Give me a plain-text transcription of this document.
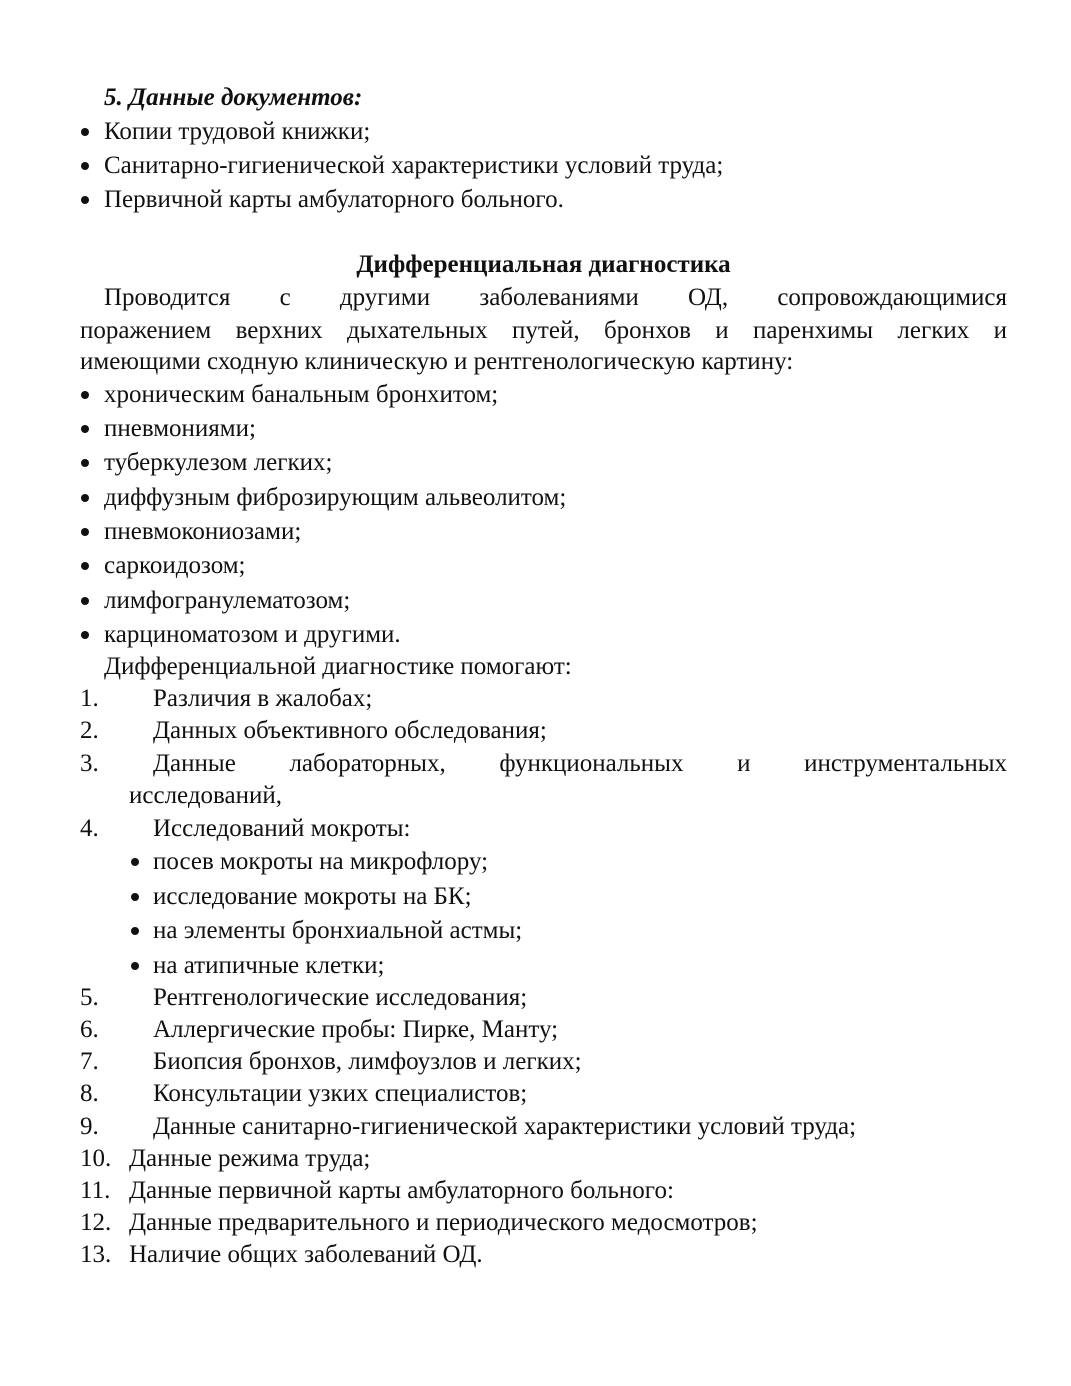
5. Данные документов:
Копии трудовой книжки;
Санитарно-гигиенической характеристики условий труда;
Первичной карты амбулаторного больного.
Дифференциальная диагностика
Проводится с другими заболеваниями ОД, сопровождающимися
поражением верхних дыхательных путей, бронхов и паренхимы легких и
имеющими сходную клиническую и рентгенологическую картину:
хроническим банальным бронхитом;
пневмониями;
туберкулезом легких;
диффузным фиброзирующим альвеолитом;
пневмокониозами;
саркоидозом;
лимфогранулематозом;
карциноматозом и другими.
Дифференциальной диагностике помогают:
1. Различия в жалобах;
2. Данных объективного обследования;
3. Данные лабораторных, функциональных и инструментальных
исследований,
4. Исследований мокроты:
посев мокроты на микрофлору;
исследование мокроты на БК;
на элементы бронхиальной астмы;
на атипичные клетки;
5. Рентгенологические исследования;
6. Аллергические пробы: Пирке, Манту;
7. Биопсия бронхов, лимфоузлов и легких;
8. Консультации узких специалистов;
9. Данные санитарно-гигиенической характеристики условий труда;
10. Данные режима труда;
11. Данные первичной карты амбулаторного больного:
12. Данные предварительного и периодического медосмотров;
13. Наличие общих заболеваний ОД.
